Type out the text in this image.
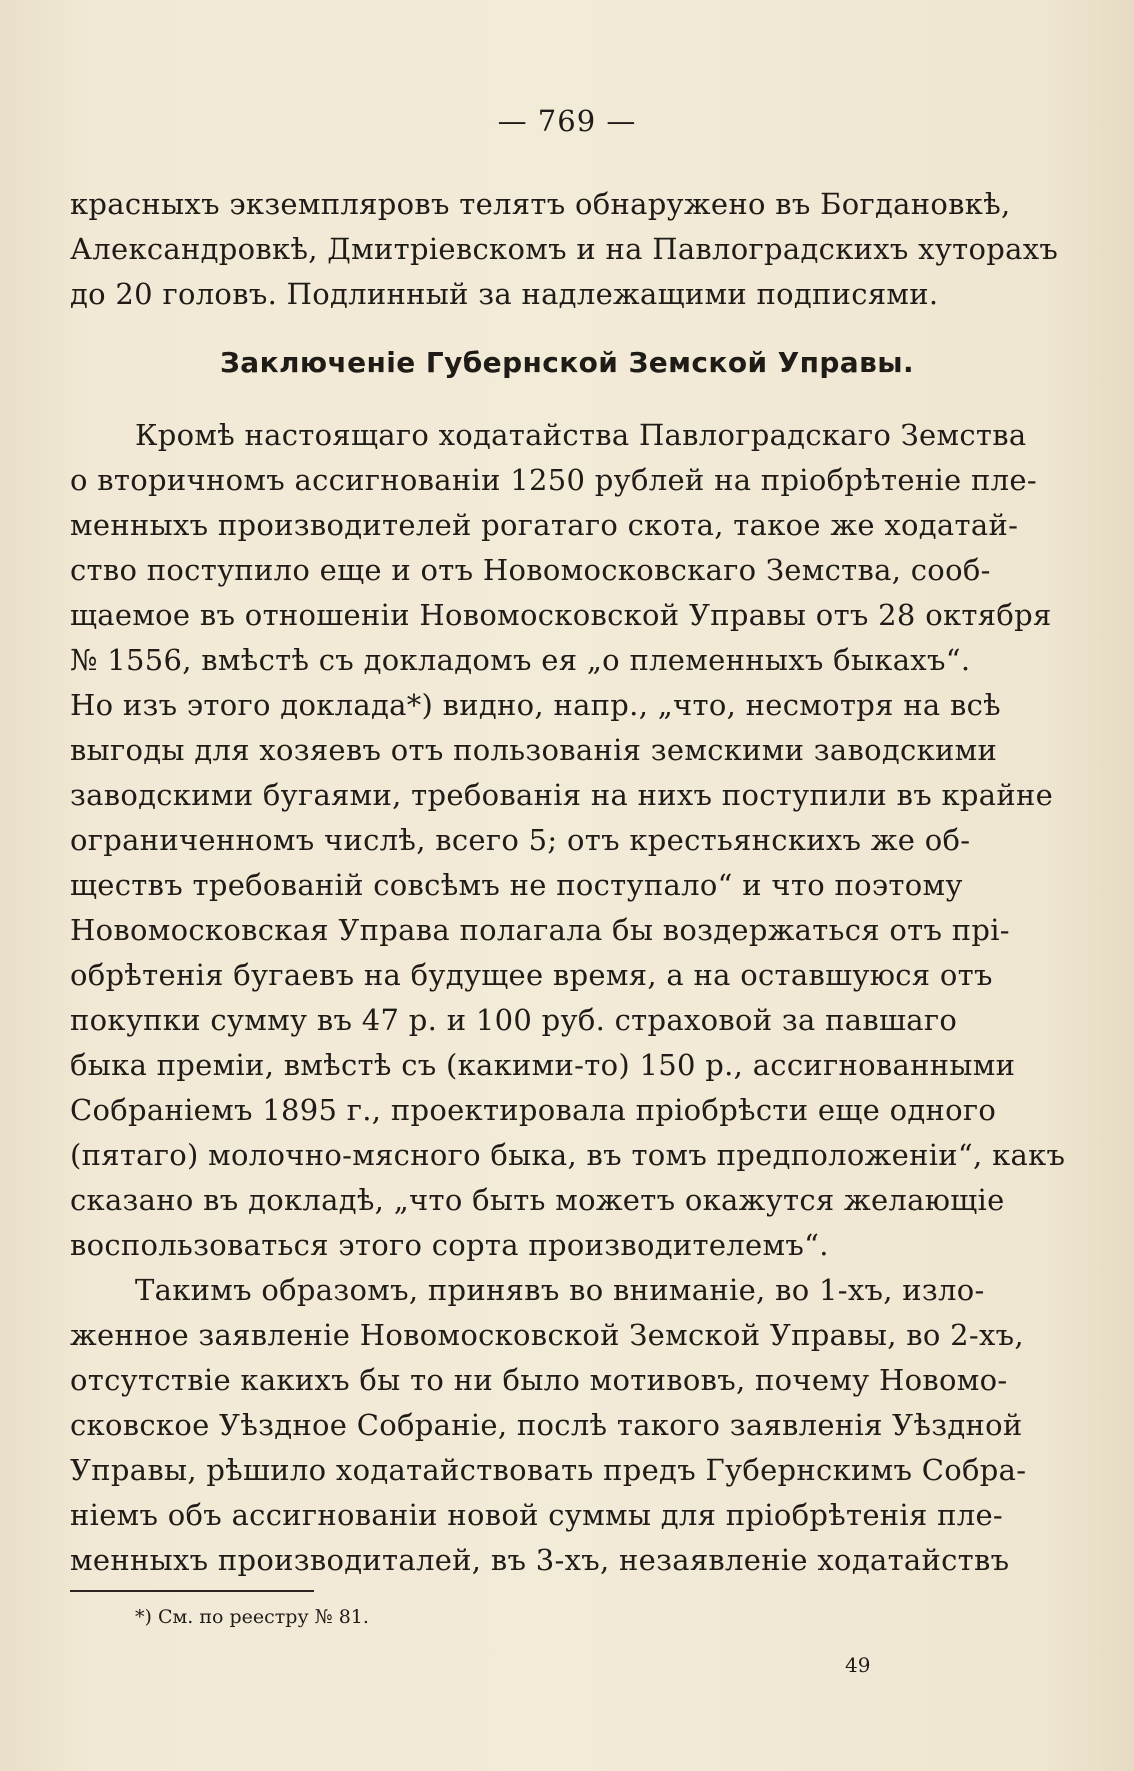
— 769 —
красныхъ экземпляровъ телятъ обнаружено въ Богдановкѣ,
Александровкѣ, Дмитріевскомъ и на Павлоградскихъ хуторахъ
до 20 головъ. Подлинный за надлежащими подписями.
Заключеніе Губернской Земской Управы.
Кромѣ настоящаго ходатайства Павлоградскаго Земства
о вторичномъ ассигнованіи 1250 рублей на пріобрѣтеніе пле-
менныхъ производителей рогатаго скота, такое же ходатай-
ство поступило еще и отъ Новомосковскаго Земства, сооб-
щаемое въ отношеніи Новомосковской Управы отъ 28 октября
№ 1556, вмѣстѣ съ докладомъ ея „о племенныхъ быкахъ“.
Но изъ этого доклада*) видно, напр., „что, несмотря на всѣ
выгоды для хозяевъ отъ пользованія земскими заводскими
заводскими бугаями, требованія на нихъ поступили въ крайне
ограниченномъ числѣ, всего 5; отъ крестьянскихъ же об-
ществъ требованій совсѣмъ не поступало“ и что поэтому
Новомосковская Управа полагала бы воздержаться отъ прі-
обрѣтенія бугаевъ на будущее время, а на оставшуюся отъ
покупки сумму въ 47 р. и 100 руб. страховой за павшаго
быка преміи, вмѣстѣ съ (какими-то) 150 р., ассигнованными
Собраніемъ 1895 г., проектировала пріобрѣсти еще одного
(пятаго) молочно-мясного быка, въ томъ предположеніи“, какъ
сказано въ докладѣ, „что быть можетъ окажутся желающіе
воспользоваться этого сорта производителемъ“.
Такимъ образомъ, принявъ во вниманіе, во 1-хъ, изло-
женное заявленіе Новомосковской Земской Управы, во 2-хъ,
отсутствіе какихъ бы то ни было мотивовъ, почему Новомо-
сковское Уѣздное Собраніе, послѣ такого заявленія Уѣздной
Управы, рѣшило ходатайствовать предъ Губернскимъ Собра-
ніемъ объ ассигнованіи новой суммы для пріобрѣтенія пле-
менныхъ производиталей, въ 3-хъ, незаявленіе ходатайствъ
*) См. по реестру № 81.
49
